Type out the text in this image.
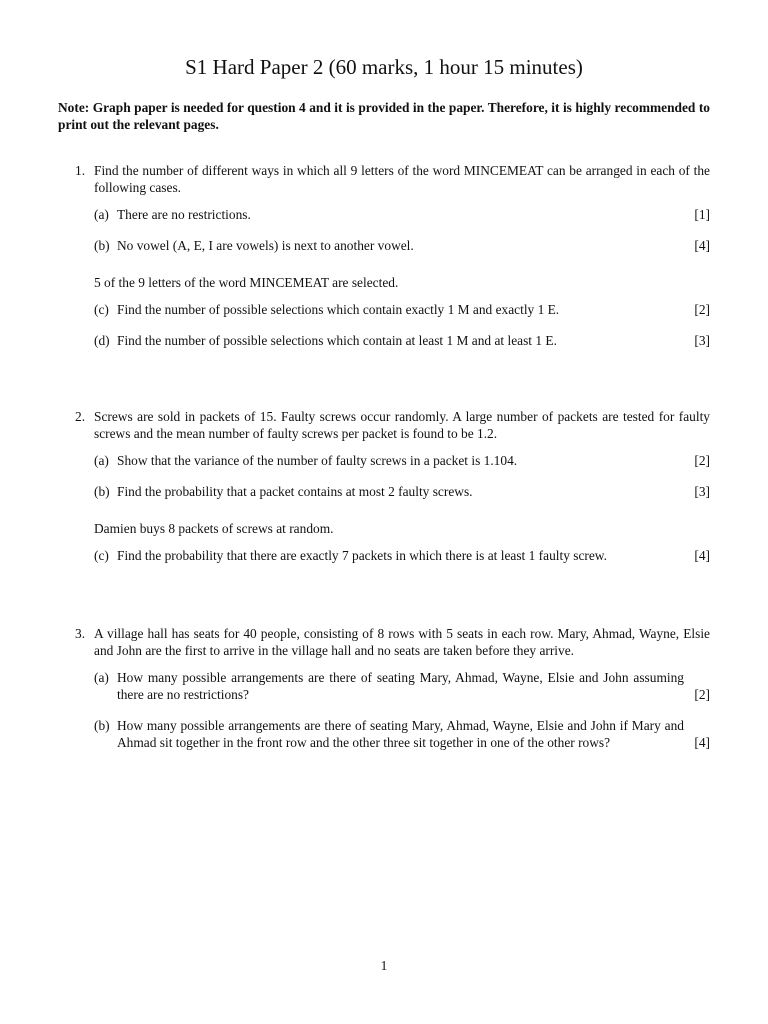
S1 Hard Paper 2 (60 marks, 1 hour 15 minutes)
Note: Graph paper is needed for question 4 and it is provided in the paper. Therefore, it is highly recommended to print out the relevant pages.
1. Find the number of different ways in which all 9 letters of the word MINCEMEAT can be arranged in each of the following cases.
(a) There are no restrictions.	[1]
(b) No vowel (A, E, I are vowels) is next to another vowel.	[4]
5 of the 9 letters of the word MINCEMEAT are selected.
(c) Find the number of possible selections which contain exactly 1 M and exactly 1 E.	[2]
(d) Find the number of possible selections which contain at least 1 M and at least 1 E.	[3]
2. Screws are sold in packets of 15. Faulty screws occur randomly. A large number of packets are tested for faulty screws and the mean number of faulty screws per packet is found to be 1.2.
(a) Show that the variance of the number of faulty screws in a packet is 1.104.	[2]
(b) Find the probability that a packet contains at most 2 faulty screws.	[3]
Damien buys 8 packets of screws at random.
(c) Find the probability that there are exactly 7 packets in which there is at least 1 faulty screw.	[4]
3. A village hall has seats for 40 people, consisting of 8 rows with 5 seats in each row. Mary, Ahmad, Wayne, Elsie and John are the first to arrive in the village hall and no seats are taken before they arrive.
(a) How many possible arrangements are there of seating Mary, Ahmad, Wayne, Elsie and John assuming there are no restrictions?	[2]
(b) How many possible arrangements are there of seating Mary, Ahmad, Wayne, Elsie and John if Mary and Ahmad sit together in the front row and the other three sit together in one of the other rows?	[4]
1
